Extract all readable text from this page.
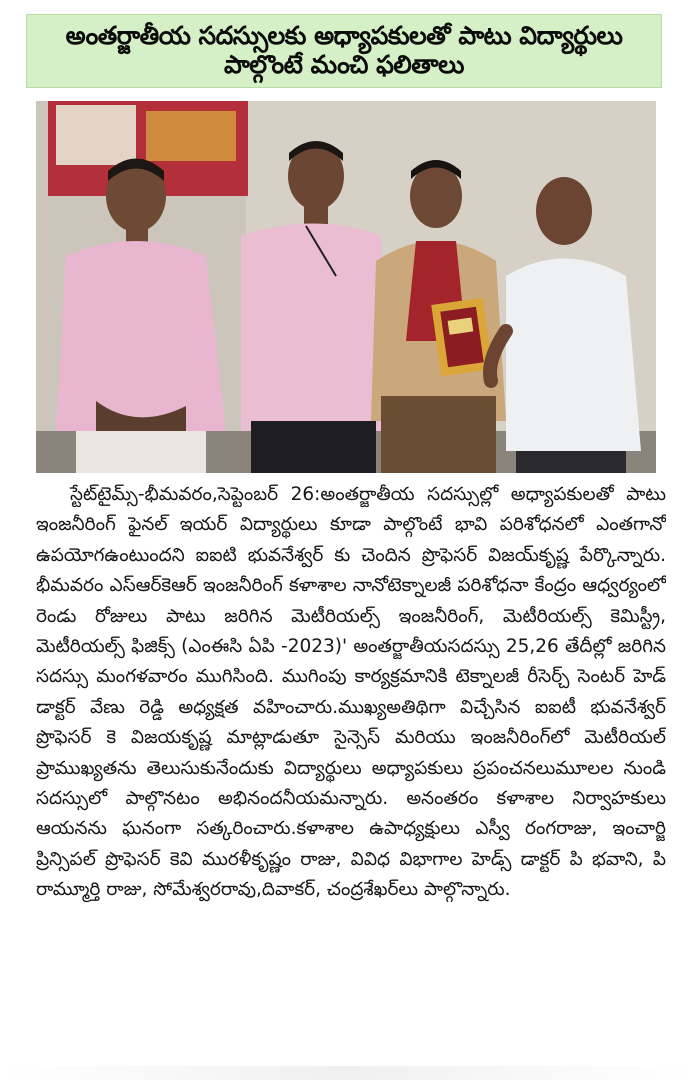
అంతర్జాతీయ సదస్సులకు అధ్యాపకులతో పాటు విద్యార్థులు పాల్గొంటే మంచి ఫలితాలు

స్టేట్‌టైమ్స్-భీమవరం,సెప్టెంబర్ 26:అంతర్జాతీయ సదస్సుల్లో అధ్యాపకులతో పాటు ఇంజనీరింగ్ ఫైనల్ ఇయర్ విద్యార్థులు కూడా పాల్గొంటే భావి పరిశోధనలో ఎంతగానో ఉపయోగఉంటుందని ఐఐటి భువనేశ్వర్ కు చెందిన ప్రొఫెసర్ విజయ్‌కృష్ణ పేర్కొన్నారు. భీమవరం ఎస్‌ఆర్‌కెఆర్ ఇంజనీరింగ్ కళాశాల నానోటెక్నాలజీ పరిశోధనా కేంద్రం ఆధ్వర్యంలో రెండు రోజులు పాటు జరిగిన మెటీరియల్స్ ఇంజనీరింగ్, మెటీరియల్స్ కెమిస్ట్రీ, మెటీరియల్స్ ఫిజిక్స్ (ఎంఈసి ఏపి -2023)' అంతర్జాతీయసదస్సు 25,26 తేదీల్లో జరిగిన సదస్సు మంగళవారం ముగిసింది. ముగింపు కార్యక్రమానికి టెక్నాలజీ రీసెర్చ్ సెంటర్ హెడ్ డాక్టర్ వేణు రెడ్డి అధ్యక్షత వహించారు.ముఖ్యఅతిథిగా విచ్చేసిన ఐఐటీ భువనేశ్వర్ ప్రొఫెసర్ కె విజయకృష్ణ మాట్లాడుతూ సైన్సెస్ మరియు ఇంజనీరింగ్‌లో మెటీరియల్ ప్రాముఖ్యతను తెలుసుకునేందుకు విద్యార్థులు అధ్యాపకులు ప్రపంచనలుమూలల నుండి సదస్సులో పాల్గొనటం అభినందనీయమన్నారు. అనంతరం కళాశాల నిర్వాహకులు ఆయనను ఘనంగా సత్కరించారు.కళాశాల ఉపాధ్యక్షులు ఎస్వీ రంగరాజు, ఇంచార్జి ప్రిన్సిపల్ ప్రొఫెసర్ కెవి మురళీకృష్ణం రాజు, వివిధ విభాగాల హెడ్స్ డాక్టర్ పి భవాని, పి రామ్మూర్తి రాజు, సోమేశ్వరరావు,దివాకర్, చంద్రశేఖర్‌లు పాల్గొన్నారు.
